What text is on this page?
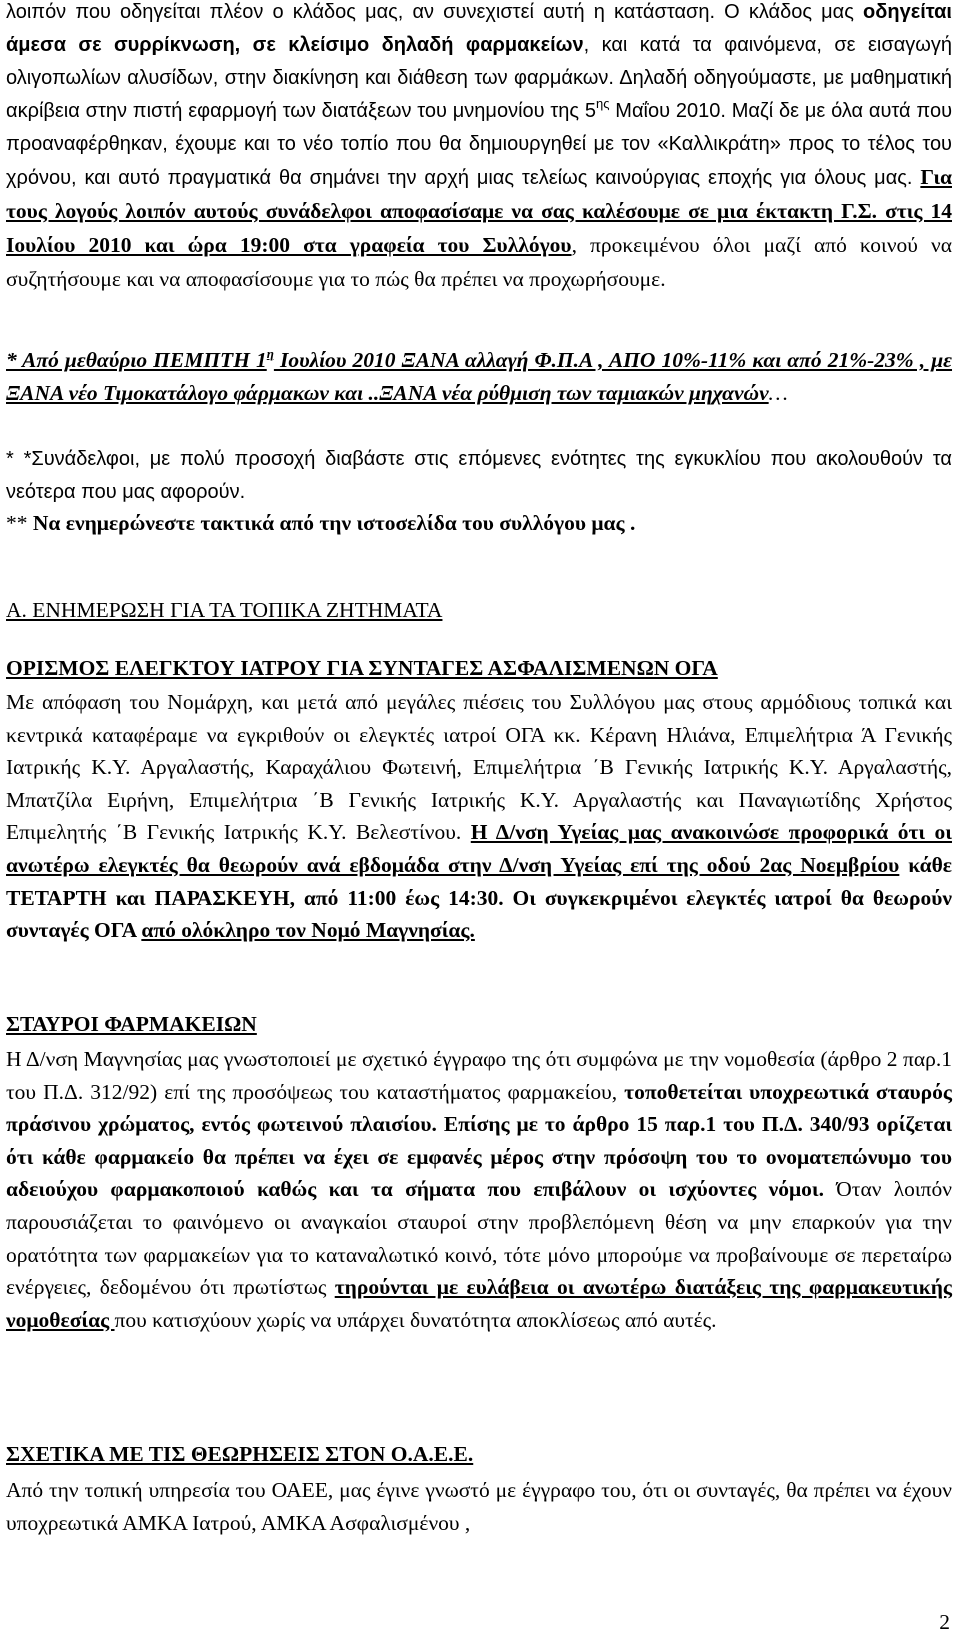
λοιπόν που οδηγείται πλέον ο κλάδος μας, αν συνεχιστεί αυτή η κατάσταση. Ο κλάδος μας οδηγείται άμεσα σε συρρίκνωση, σε κλείσιμο δηλαδή φαρμακείων, και κατά τα φαινόμενα, σε εισαγωγή ολιγοπωλίων αλυσίδων, στην διακίνηση και διάθεση των φαρμάκων. Δηλαδή οδηγούμαστε, με μαθηματική ακρίβεια στην πιστή εφαρμογή των διατάξεων του μνημονίου της $5^{\eta\varsigma}$ Μαΐου 2010. Μαζί δε με όλα αυτά που προαναφέρθηκαν, έχουμε και το νέο τοπίο που θα δημιουργηθεί με τον «Καλλικράτη» προς το τέλος του χρόνου, και αυτό πραγματικά θα σημάνει την αρχή μιας τελείως καινούργιας εποχής για όλους μας. Για τους λογούς λοιπόν αυτούς συνάδελφοι αποφασίσαμε να σας καλέσουμε σε μια έκτακτη Γ.Σ. στις 14 Ιουλίου 2010 και ώρα 19:00 στα γραφεία του Συλλόγου, προκειμένου όλοι μαζί από κοινού να συζητήσουμε και να αποφασίσουμε για το πώς θα πρέπει να προχωρήσουμε.

* Από μεθαύριο ΠΕΜΠΤΗ $1^\eta$ Ιουλίου 2010 ΞΑΝΑ αλλαγή Φ.Π.Α , ΑΠΟ 10%-11% και από 21%-23% , με ΞΑΝΑ νέο Τιμοκατάλογο φάρμακων και ..ΞΑΝΑ νέα ρύθμιση των ταμιακών μηχανών…

* *Συνάδελφοι, με πολύ προσοχή διαβάστε στις επόμενες ενότητες της εγκυκλίου που ακολουθούν τα νεότερα που μας αφορούν.

** Να ενημερώνεστε τακτικά από την ιστοσελίδα του συλλόγου μας .

Α. ΕΝΗΜΕΡΩΣΗ ΓΙΑ ΤΑ ΤΟΠΙΚΑ ΖΗΤΗΜΑΤΑ
ΟΡΙΣΜΟΣ ΕΛΕΓΚΤΟΥ ΙΑΤΡΟΥ ΓΙΑ ΣΥΝΤΑΓΕΣ ΑΣΦΑΛΙΣΜΕΝΩΝ ΟΓΑ

Με απόφαση του Νομάρχη, και μετά από μεγάλες πιέσεις του Συλλόγου μας στους αρμόδιους τοπικά και κεντρικά καταφέραμε να εγκριθούν οι ελεγκτές ιατροί ΟΓΑ κκ. Κέρανη Ηλιάνα, Επιμελήτρια Ά Γενικής Ιατρικής Κ.Υ. Αργαλαστής, Καραχάλιου Φωτεινή, Επιμελήτρια ΄Β Γενικής Ιατρικής Κ.Υ. Αργαλαστής, Μπατζίλα Ειρήνη, Επιμελήτρια ΄Β Γενικής Ιατρικής Κ.Υ. Αργαλαστής και Παναγιωτίδης Χρήστος Επιμελητής ΄Β Γενικής Ιατρικής Κ.Υ. Βελεστίνου. Η Δ/νση Υγείας μας ανακοινώσε προφορικά ότι οι ανωτέρω ελεγκτές θα θεωρούν ανά εβδομάδα στην Δ/νση Υγείας επί της οδού 2ας Νοεμβρίου κάθε ΤΕΤΑΡΤΗ και ΠΑΡΑΣΚΕΥΗ, από 11:00 έως 14:30. Οι συγκεκριμένοι ελεγκτές ιατροί θα θεωρούν συνταγές ΟΓΑ από ολόκληρο τον Νομό Μαγνησίας.

ΣΤΑΥΡΟΙ ΦΑΡΜΑΚΕΙΩΝ

Η Δ/νση Μαγνησίας μας γνωστοποιεί με σχετικό έγγραφο της ότι συμφώνα με την νομοθεσία (άρθρο 2 παρ.1 του Π.Δ. 312/92) επί της προσόψεως του καταστήματος φαρμακείου, τοποθετείται υποχρεωτικά σταυρός πράσινου χρώματος, εντός φωτεινού πλαισίου. Επίσης με το άρθρο 15 παρ.1 του Π.Δ. 340/93 ορίζεται ότι κάθε φαρμακείο θα πρέπει να έχει σε εμφανές μέρος στην πρόσοψη του το ονοματεπώνυμο του αδειούχου φαρμακοποιού καθώς και τα σήματα που επιβάλουν οι ισχύοντες νόμοι. Όταν λοιπόν παρουσιάζεται το φαινόμενο οι αναγκαίοι σταυροί στην προβλεπόμενη θέση να μην επαρκούν για την ορατότητα των φαρμακείων για το καταναλωτικό κοινό, τότε μόνο μπορούμε να προβαίνουμε σε περεταίρω ενέργειες, δεδομένου ότι πρωτίστως τηρούνται με ευλάβεια οι ανωτέρω διατάξεις της φαρμακευτικής νομοθεσίας που κατισχύουν χωρίς να υπάρχει δυνατότητα αποκλίσεως από αυτές.

ΣΧΕΤΙΚΑ ΜΕ ΤΙΣ ΘΕΩΡΗΣΕΙΣ ΣΤΟΝ Ο.Α.Ε.Ε.

Από την τοπική υπηρεσία του ΟΑΕΕ, μας έγινε γνωστό με έγγραφο του, ότι οι συνταγές, θα πρέπει να έχουν υποχρεωτικά ΑΜΚΑ Ιατρού, ΑΜΚΑ Ασφαλισμένου ,

2
